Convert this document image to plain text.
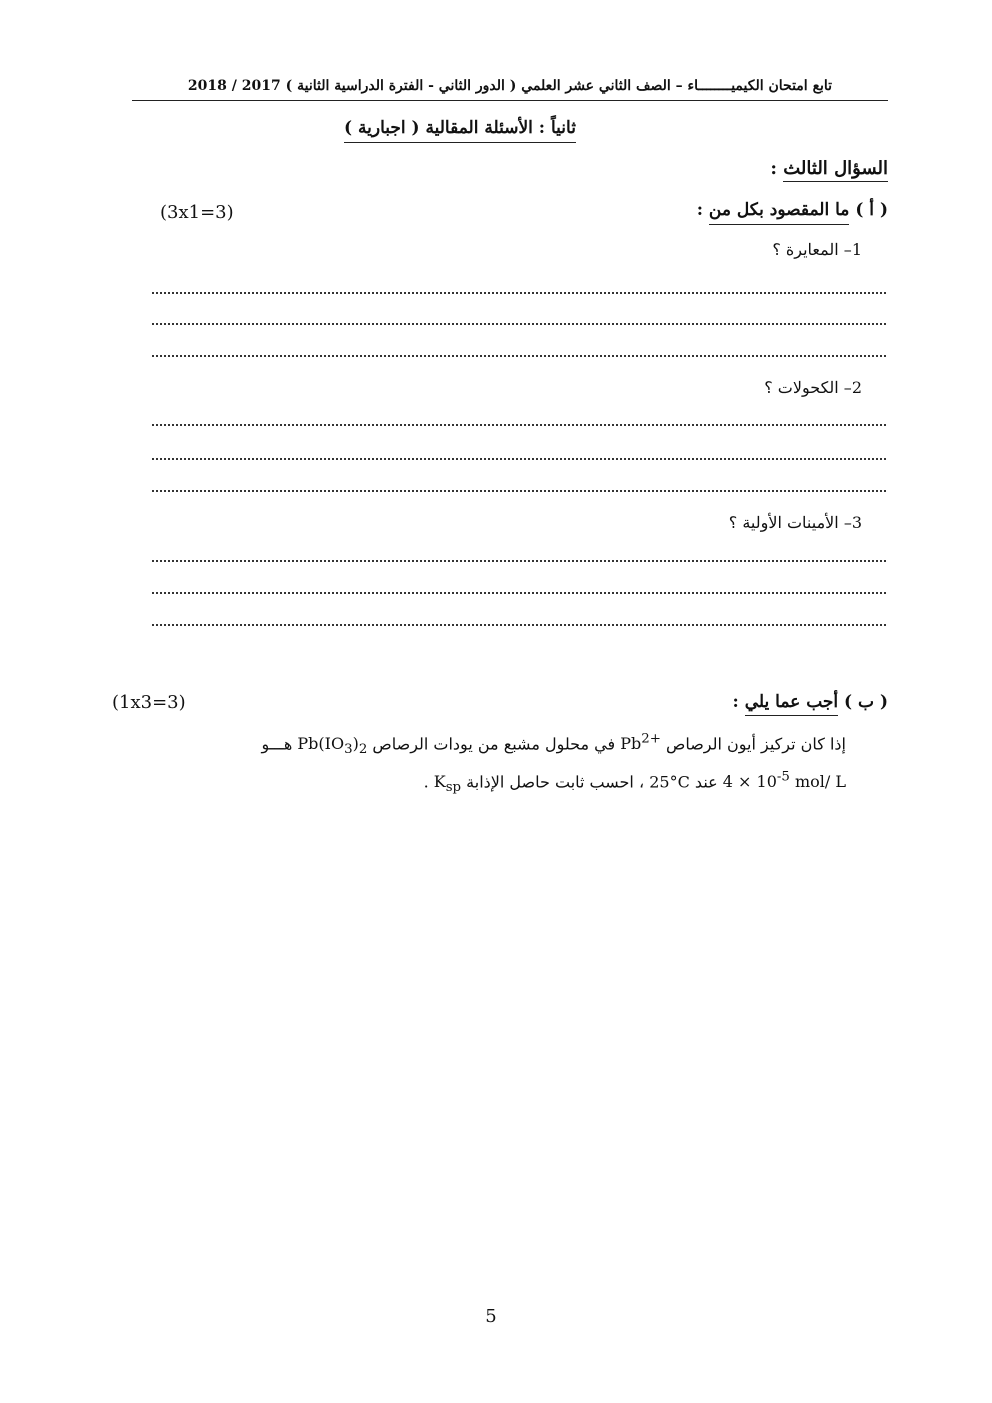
تابع امتحان الكيميــــــــاء – الصف الثاني عشر العلمي ( الدور الثاني - الفترة الدراسية الثانية ) 2017 / 2018
ثانياً : الأسئلة المقالية ( اجبارية )
السؤال الثالث :
( أ ) ما المقصود بكل من :
(3x1=3)
1– المعايرة ؟
2– الكحولات ؟
3– الأمينات الأولية ؟
( ب ) أجب عما يلي :
(1x3=3)
إذا كان تركيز أيون الرصاص $Pb^{2+}$ في محلول مشبع من يودات الرصاص $Pb(IO_3)_2$ هـــو
$4 \times 10^{-5}$ mol/ L عند 25°C ، احسب ثابت حاصل الإذابة $K_{sp}$ .
5
